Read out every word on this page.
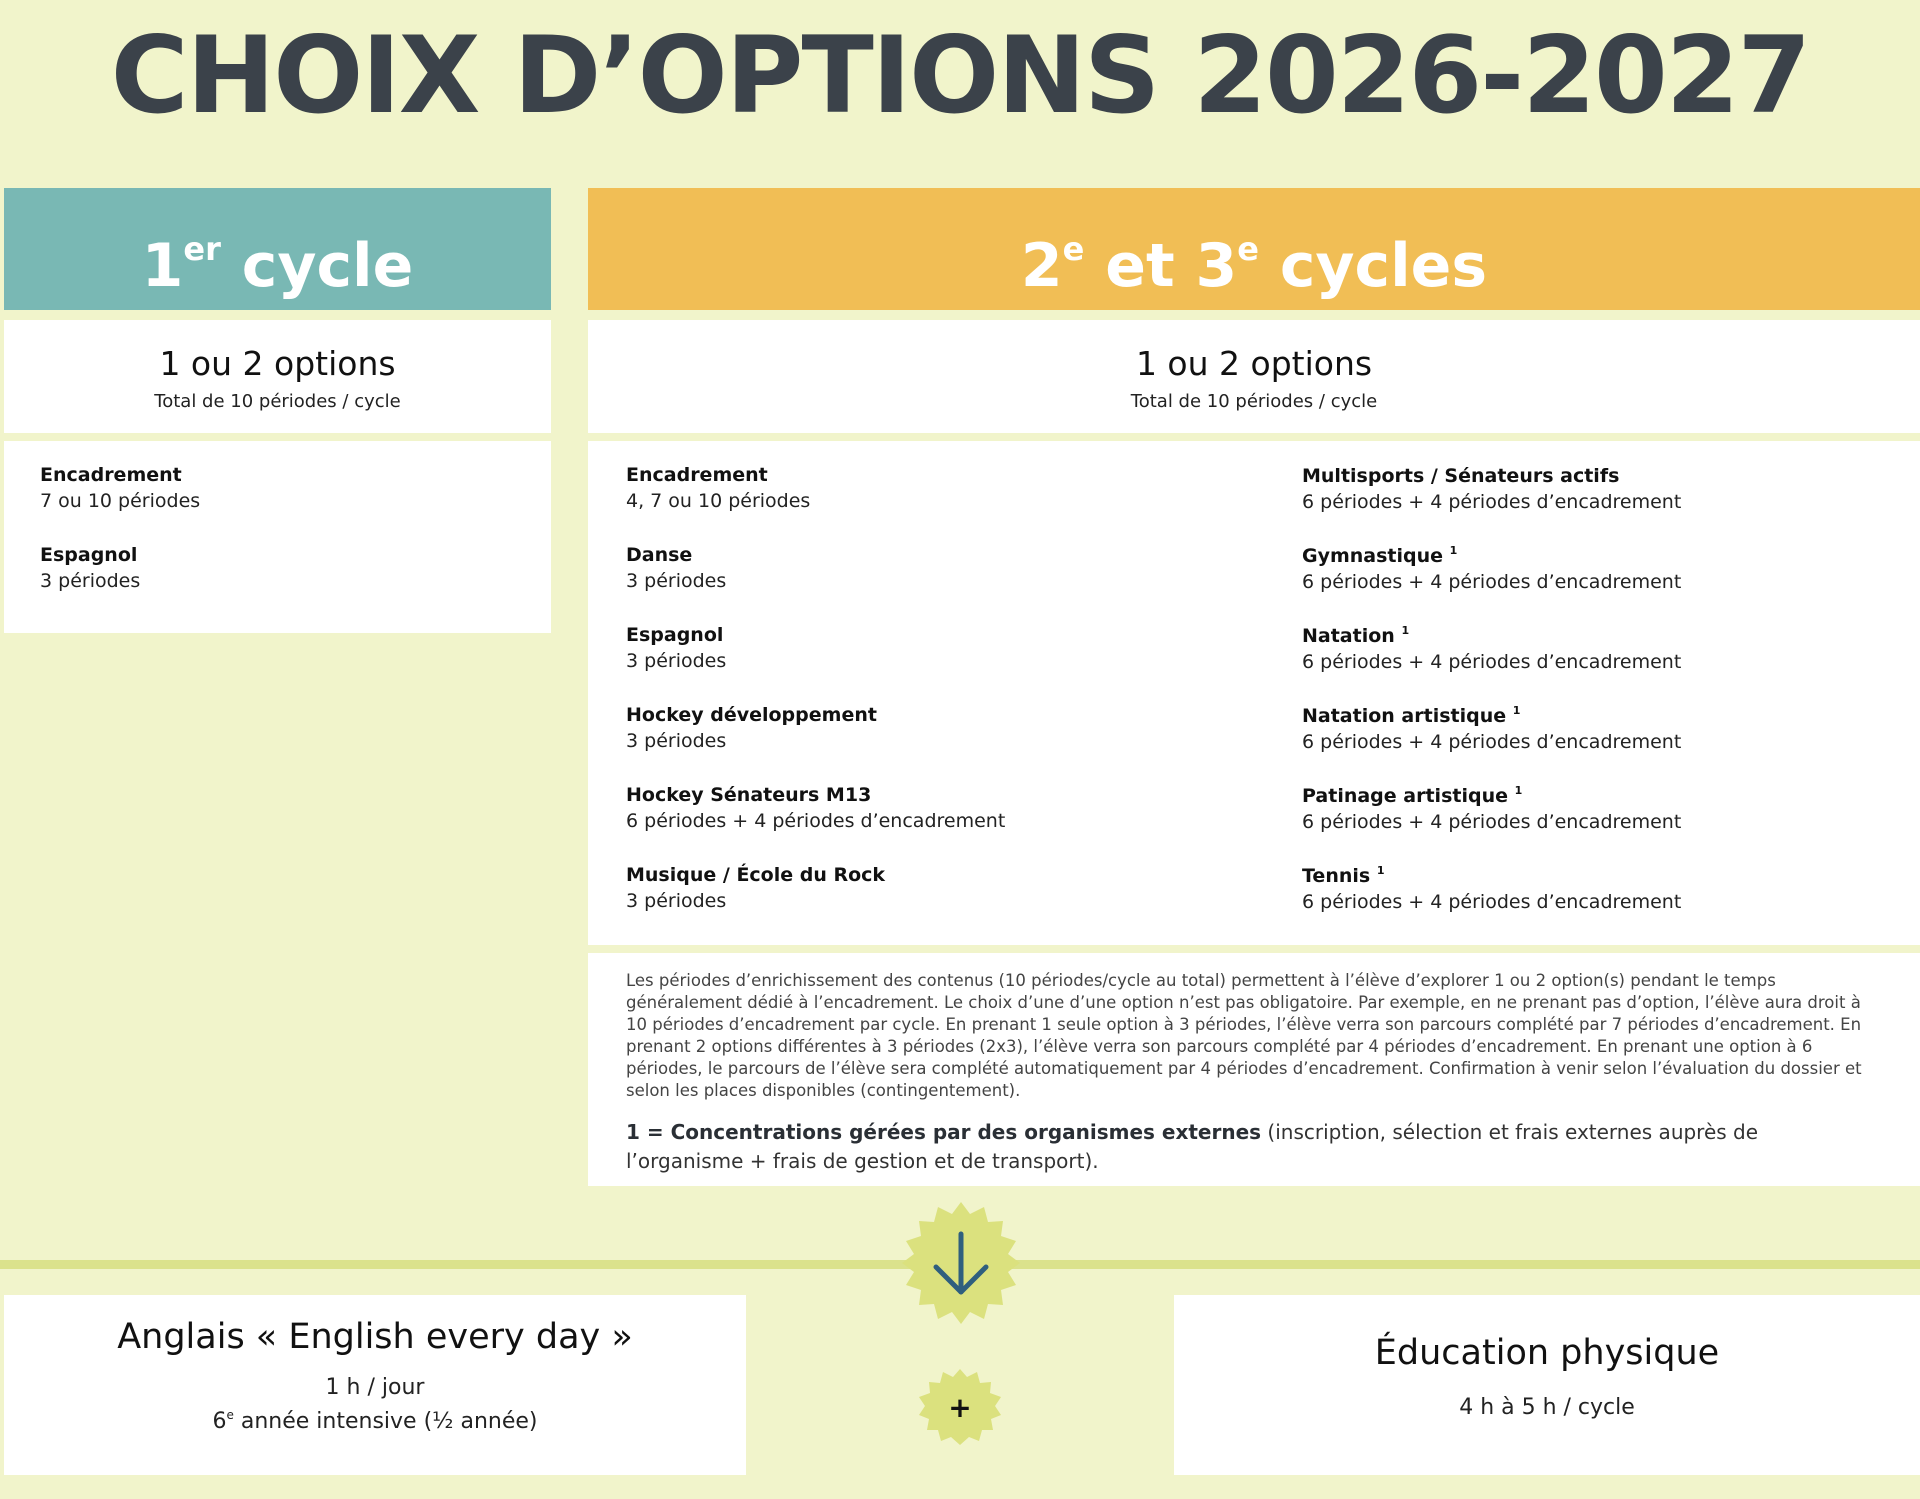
CHOIX D’OPTIONS 2026-2027
1er cycle	2e et 3e cycles
1 ou 2 options
Total de 10 périodes / cycle
1 ou 2 options
Total de 10 périodes / cycle
Encadrement
7 ou 10 périodes
Espagnol
3 périodes
Encadrement
4, 7 ou 10 périodes
Danse
3 périodes
Espagnol
3 périodes
Hockey développement
3 périodes
Hockey Sénateurs M13
6 périodes + 4 périodes d’encadrement
Musique / École du Rock
3 périodes
Multisports / Sénateurs actifs
6 périodes + 4 périodes d’encadrement
Gymnastique $^1$
6 périodes + 4 périodes d’encadrement
Natation $^1$
6 périodes + 4 périodes d’encadrement
Natation artistique $^1$
6 périodes + 4 périodes d’encadrement
Patinage artistique $^1$
6 périodes + 4 périodes d’encadrement
Tennis $^1$
6 périodes + 4 périodes d’encadrement
Les périodes d’enrichissement des contenus (10 périodes/cycle au total) permettent à l’élève d’explorer 1 ou 2 option(s) pendant le temps généralement dédié à l’encadrement. Le choix d’une d’une option n’est pas obligatoire. Par exemple, en ne prenant pas d’option, l’élève aura droit à 10 périodes d’encadrement par cycle. En prenant 1 seule option à 3 périodes, l’élève verra son parcours complété par 7 périodes d’encadrement. En prenant 2 options différentes à 3 périodes (2x3), l’élève verra son parcours complété par 4 périodes d’encadrement. En prenant une option à 6 périodes, le parcours de l’élève sera complété automatiquement par 4 périodes d’encadrement. Confirmation à venir selon l’évaluation du dossier et selon les places disponibles (contingentement).
1 = Concentrations gérées par des organismes externes (inscription, sélection et frais externes auprès de l’organisme + frais de gestion et de transport).
Anglais « English every day »
1 h / jour
6e année intensive (½ année)
Éducation physique
4 h à 5 h / cycle
+
